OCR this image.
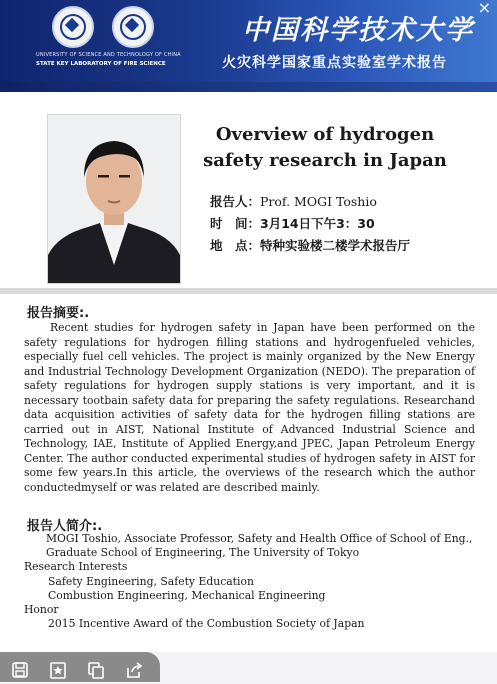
UNIVERSITY OF SCIENCE AND TECHNOLOGY OF CHINA
STATE KEY LABORATORY OF FIRE SCIENCE
中国科学技术大学
火灾科学国家重点实验室学术报告
×
Overview of hydrogen safety research in Japan
报告人：Prof. MOGI Toshio
时　间：3月14日下午3：30
地　点：特种实验楼二楼学术报告厅
报告摘要:.

Recent studies for hydrogen safety in Japan have been performed on the safety regulations for hydrogen filling stations and hydrogenfueled vehicles, especially fuel cell vehicles. The project is mainly organized by the New Energy and Industrial Technology Development Organization (NEDO). The preparation of safety regulations for hydrogen supply stations is very important, and it is necessary tootbain safety data for preparing the safety regulations. Researchand data acquisition activities of safety data for the hydrogen filling stations are carried out in AIST, National Institute of Advanced Industrial Science and Technology, IAE, Institute of Applied Energy,and JPEC, Japan Petroleum Energy Center. The author conducted experimental studies of hydrogen safety in AIST for some few years.In this article, the overviews of the research which the author conductedmyself or was related are described mainly.

报告人简介:.
MOGI Toshio, Associate Professor, Safety and Health Office of School of Eng., Graduate School of Engineering, The University of Tokyo
Research Interests
Safety Engineering, Safety Education
Combustion Engineering, Mechanical Engineering
Honor
2015 Incentive Award of the Combustion Society of Japan
